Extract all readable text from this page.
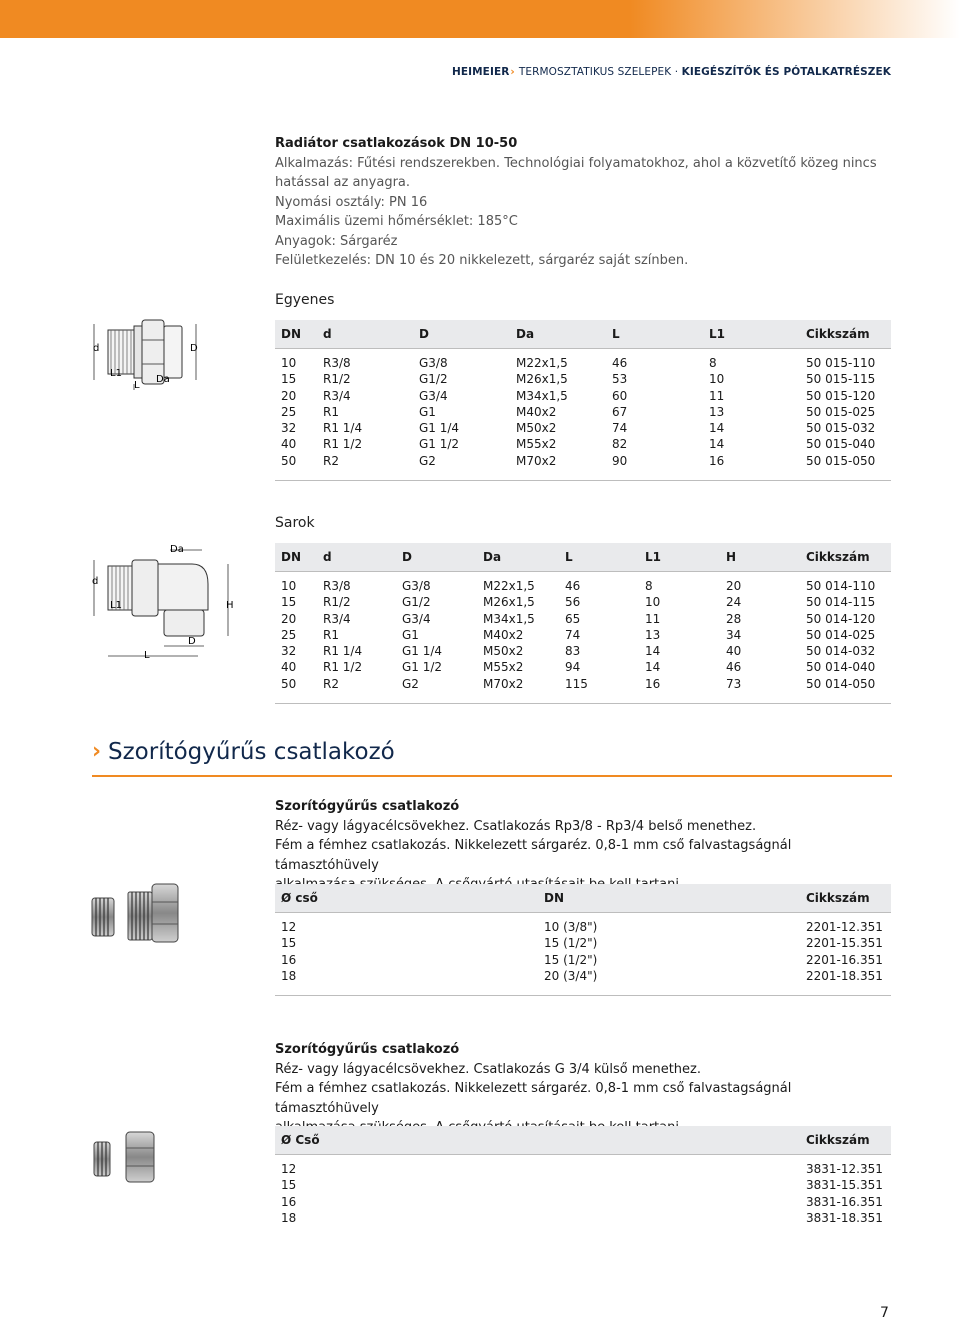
HEIMEIER› TERMOSZTATIKUS SZELEPEK · KIEGÉSZÍTŐK ÉS PÓTALKATRÉSZEK
Radiátor csatlakozások DN 10-50
Alkalmazás: Fűtési rendszerekben. Technológiai folyamatokhoz, ahol a közvetítő közeg nincs
hatással az anyagra.
Nyomási osztály: PN 16
Maximális üzemi hőmérséklet: 185°C
Anyagok: Sárgaréz
Felületkezelés: DN 10 és 20 nikkelezett, sárgaréz saját színben.
Egyenes
d
L1
L
Da
D
DN d	D	Da	L	L1	Cikkszám
10 R3/8	G3/8	M22x1,5	46	8	50 015-110
15 R1/2	G1/2	M26x1,5	53	10	50 015-115
20 R3/4	G3/4	M34x1,5	60	11	50 015-120
25 R1	G1	M40x2	67	13	50 015-025
32 R1 1/4	G1 1/4	M50x2	74	14	50 015-032
40 R1 1/2	G1 1/2	M55x2	82	14	50 015-040
50 R2	G2	M70x2	90	16	50 015-050
Sarok
Da
d
L1	H
D
L
DN d	D	Da	L	L1	H	Cikkszám
10 R3/8	G3/8	M22x1,5	46	8	20	50 014-110
15 R1/2	G1/2	M26x1,5	56	10	24	50 014-115
20 R3/4	G3/4	M34x1,5	65	11	28	50 014-120
25 R1	G1	M40x2	74	13	34	50 014-025
32 R1 1/4	G1 1/4	M50x2	83	14	40	50 014-032
40 R1 1/2	G1 1/2	M55x2	94	14	46	50 014-040
50 R2	G2	M70x2	115	16	73	50 014-050
› Szorítógyűrűs csatlakozó
Szorítógyűrűs csatlakozó
Réz- vagy lágyacélcsövekhez. Csatlakozás Rp3/8 - Rp3/4 belső menethez.
Fém a fémhez csatlakozás. Nikkelezett sárgaréz. 0,8-1 mm cső falvastagságnál támasztóhüvely
Ø cső	DN	Cikkszám
12	10 (3/8")	2201-12.351
15	15 (1/2")	2201-15.351
16	15 (1/2")	2201-16.351
18	20 (3/4")	2201-18.351
Szorítógyűrűs csatlakozó
Réz- vagy lágyacélcsövekhez. Csatlakozás G 3/4 külső menethez.
Fém a fémhez csatlakozás. Nikkelezett sárgaréz. 0,8-1 mm cső falvastagságnál támasztóhüvely
Ø Cső	Cikkszám
12	3831-12.351
15	3831-15.351
16	3831-16.351
18	3831-18.351
7
